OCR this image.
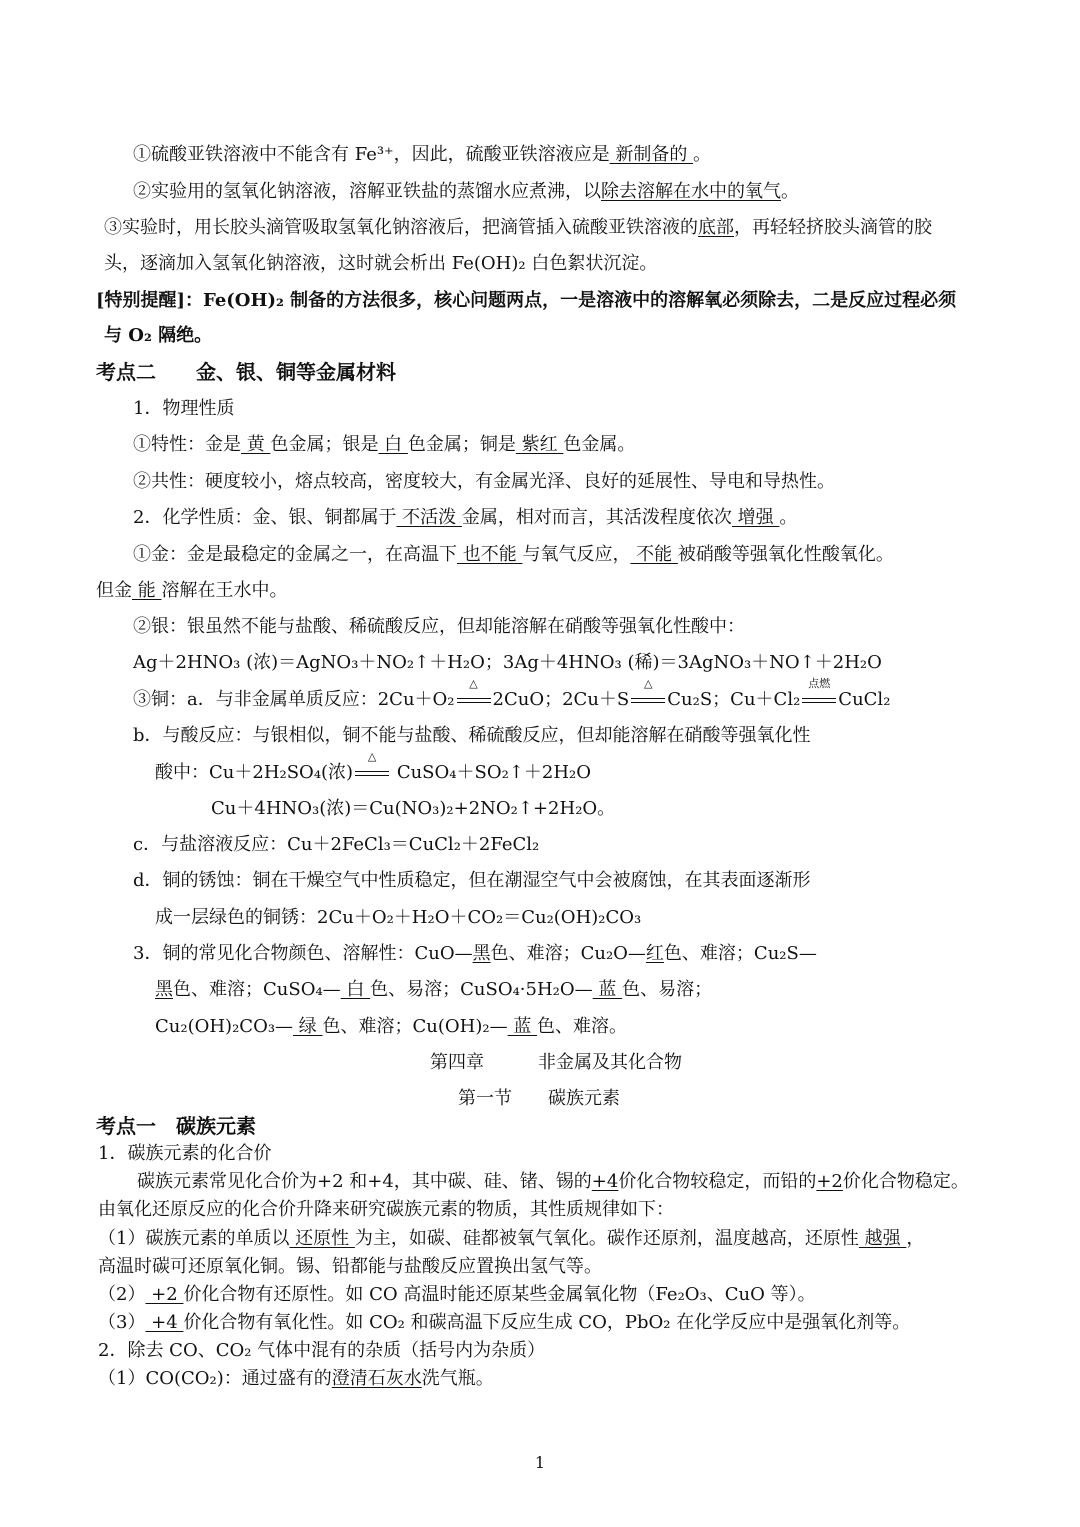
①硫酸亚铁溶液中不能含有 Fe³⁺，因此，硫酸亚铁溶液应是 新制备的 。
②实验用的氢氧化钠溶液，溶解亚铁盐的蒸馏水应煮沸，以除去溶解在水中的氧气。
③实验时，用长胶头滴管吸取氢氧化钠溶液后，把滴管插入硫酸亚铁溶液的底部，再轻轻挤胶头滴管的胶
头，逐滴加入氢氧化钠溶液，这时就会析出 Fe(OH)₂ 白色絮状沉淀。
[特别提醒]：Fe(OH)₂ 制备的方法很多，核心问题两点，一是溶液中的溶解氧必须除去，二是反应过程必须
与 O₂ 隔绝。
考点二　　金、银、铜等金属材料
1．物理性质
①特性：金是 黄 色金属；银是 白 色金属；铜是 紫红 色金属。
②共性：硬度较小，熔点较高，密度较大，有金属光泽、良好的延展性、导电和导热性。
2．化学性质：金、银、铜都属于 不活泼 金属，相对而言，其活泼程度依次 增强 。
①金：金是最稳定的金属之一，在高温下 也不能 与氧气反应， 不能 被硝酸等强氧化性酸氧化。
但金 能 溶解在王水中。
②银：银虽然不能与盐酸、稀硫酸反应，但却能溶解在硝酸等强氧化性酸中：
Ag＋2HNO₃ (浓)＝AgNO₃＋NO₂↑＋H₂O；3Ag＋4HNO₃ (稀)＝3AgNO₃＋NO↑＋2H₂O
③铜：a．与非金属单质反应：2Cu＋O₂
△
2CuO；2Cu＋S
△
Cu₂S；Cu＋Cl₂
点燃
CuCl₂
b．与酸反应：与银相似，铜不能与盐酸、稀硫酸反应，但却能溶解在硝酸等强氧化性
酸中：Cu＋2H₂SO₄(浓)
△
CuSO₄＋SO₂↑＋2H₂O
Cu＋4HNO₃(浓)＝Cu(NO₃)₂+2NO₂↑+2H₂O。
c．与盐溶液反应：Cu＋2FeCl₃＝CuCl₂＋2FeCl₂
d．铜的锈蚀：铜在干燥空气中性质稳定，但在潮湿空气中会被腐蚀，在其表面逐渐形
成一层绿色的铜锈：2Cu＋O₂＋H₂O＋CO₂＝Cu₂(OH)₂CO₃
3．铜的常见化合物颜色、溶解性：CuO—黑色、难溶；Cu₂O—红色、难溶；Cu₂S—
黑色、难溶；CuSO₄— 白 色、易溶；CuSO₄·5H₂O— 蓝 色、易溶；
Cu₂(OH)₂CO₃— 绿 色、难溶；Cu(OH)₂— 蓝 色、难溶。
第四章　　　非金属及其化合物
第一节　　碳族元素
考点一　碳族元素
1．碳族元素的化合价
碳族元素常见化合价为+2 和+4，其中碳、硅、锗、锡的+4价化合物较稳定，而铅的+2价化合物稳定。
由氧化还原反应的化合价升降来研究碳族元素的物质，其性质规律如下：
（1）碳族元素的单质以 还原性 为主，如碳、硅都被氧气氧化。碳作还原剂，温度越高，还原性 越强 ，
高温时碳可还原氧化铜。锡、铅都能与盐酸反应置换出氢气等。
（2） +2 价化合物有还原性。如 CO 高温时能还原某些金属氧化物（Fe₂O₃、CuO 等）。
（3） +4 价化合物有氧化性。如 CO₂ 和碳高温下反应生成 CO，PbO₂ 在化学反应中是强氧化剂等。
2．除去 CO、CO₂ 气体中混有的杂质（括号内为杂质）
（1）CO(CO₂)：通过盛有的澄清石灰水洗气瓶。
1
